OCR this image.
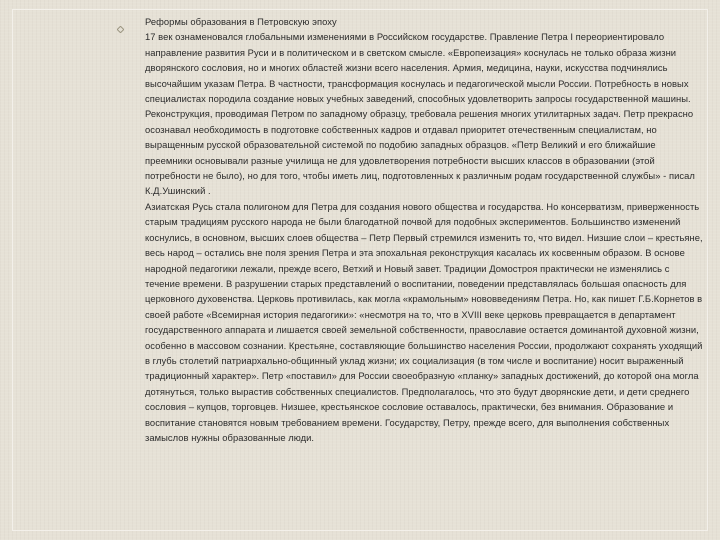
Реформы образования в Петровскую эпоху

17 век ознаменовался глобальными изменениями в Российском государстве. Правление Петра I переориентировало направление развития Руси и в политическом и в светском смысле. «Европеизация» коснулась не только образа жизни дворянского сословия, но и многих областей жизни всего населения. Армия, медицина, науки, искусства подчинялись высочайшим указам Петра. В частности, трансформация коснулась и педагогической мысли России. Потребность в новых специалистах породила создание новых учебных заведений, способных удовлетворить запросы государственной машины. Реконструкция, проводимая Петром по западному образцу, требовала решения многих утилитарных задач. Петр прекрасно осознавал необходимость в подготовке собственных кадров и отдавал приоритет отечественным специалистам, но выращенным русской образовательной системой по подобию западных образцов. «Петр Великий и его ближайшие преемники основывали разные училища не для удовлетворения потребности высших классов в образовании (этой потребности не было), но для того, чтобы иметь лиц, подготовленных к различным родам государственной службы» - писал К.Д.Ушинский .

Азиатская Русь стала полигоном для Петра для создания нового общества и государства. Но консерватизм, приверженность старым традициям русского народа не были благодатной почвой для подобных экспериментов. Большинство изменений коснулись, в основном, высших слоев общества – Петр Первый стремился изменить то, что видел. Низшие слои – крестьяне, весь народ – остались вне поля зрения Петра и эта эпохальная реконструкция касалась их косвенным образом. В основе народной педагогики лежали, прежде всего, Ветхий и Новый завет. Традиции Домостроя практически не изменялись с течение времени. В разрушении старых представлений о воспитании, поведении представлялась большая опасность для церковного духовенства. Церковь противилась, как могла «крамольным» нововведениям Петра. Но, как пишет Г.Б.Корнетов в своей работе «Всемирная история педагогики»: «несмотря на то, что в XVIII веке церковь превращается в департамент государственного аппарата и лишается своей земельной собственности, православие остается доминантой духовной жизни, особенно в массовом сознании. Крестьяне, составляющие большинство населения России, продолжают сохранять уходящий в глубь столетий патриархально-общинный уклад жизни; их социализация (в том числе и воспитание) носит выраженный традиционный характер». Петр «поставил» для России своеобразную «планку» западных достижений, до которой она могла дотянуться, только вырастив собственных специалистов. Предполагалось, что это будут дворянские дети, и дети среднего сословия – купцов, торговцев. Низшее, крестьянское сословие оставалось, практически, без внимания. Образование и воспитание становятся новым требованием времени. Государству, Петру, прежде всего, для выполнения собственных замыслов нужны образованные люди.
